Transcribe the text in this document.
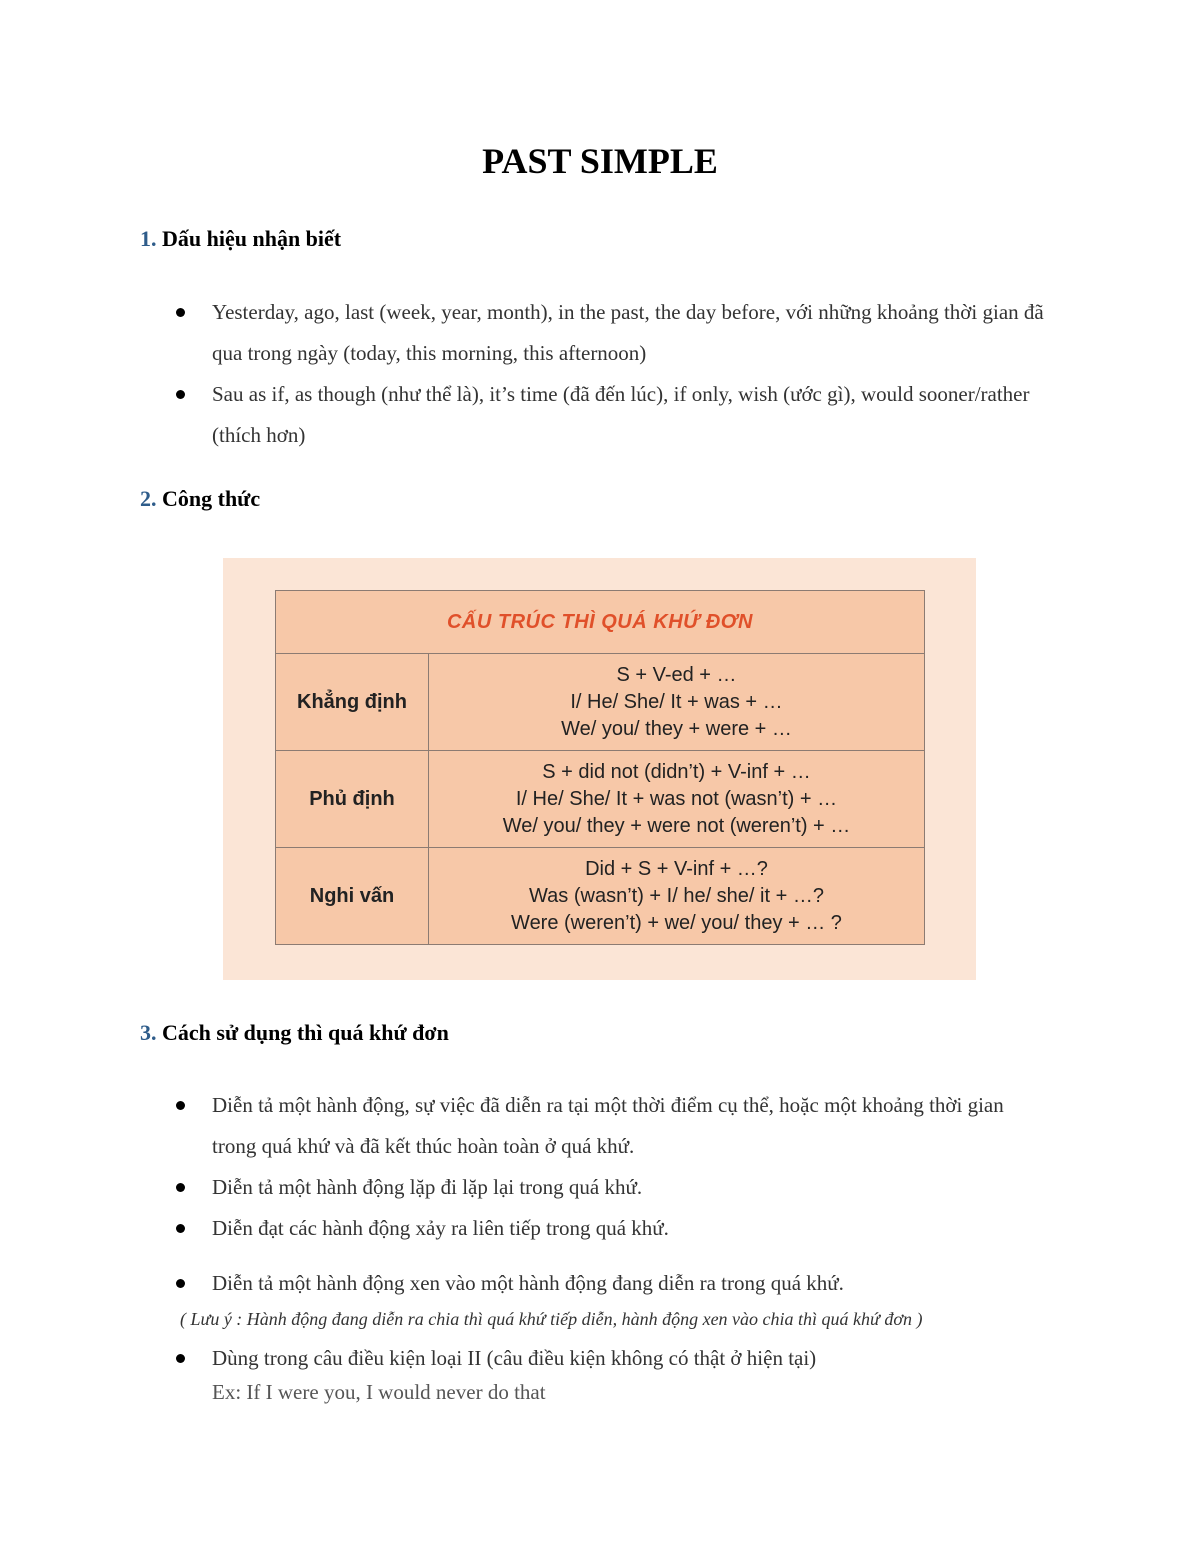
PAST SIMPLE
1. Dấu hiệu nhận biết
Yesterday, ago, last (week, year, month), in the past, the day before, với những khoảng thời gian đã qua trong ngày (today, this morning, this afternoon)
Sau as if, as though (như thể là), it’s time (đã đến lúc), if only, wish (ước gì), would sooner/rather (thích hơn)
2. Công thức
CẤU TRÚC THÌ QUÁ KHỨ ĐƠN	
Khẳng định	S + V-ed + …
I/ He/ She/ It + was + …
We/ you/ they + were + …

Phủ định	S + did not (didn’t) + V-inf + …
I/ He/ She/ It + was not (wasn’t) + …
We/ you/ they + were not (weren’t) + …

Nghi vấn	Did + S + V-inf + …?
Was (wasn’t) + I/ he/ she/ it + …?
Were (weren’t) + we/ you/ they + … ?
3. Cách sử dụng thì quá khứ đơn
Diễn tả một hành động, sự việc đã diễn ra tại một thời điểm cụ thể, hoặc một khoảng thời gian trong quá khứ và đã kết thúc hoàn toàn ở quá khứ.
Diễn tả một hành động lặp đi lặp lại trong quá khứ.
Diễn đạt các hành động xảy ra liên tiếp trong quá khứ.
Diễn tả một hành động xen vào một hành động đang diễn ra trong quá khứ.
( Lưu ý : Hành động đang diễn ra chia thì quá khứ tiếp diễn, hành động xen vào chia thì quá khứ đơn )
Dùng trong câu điều kiện loại II (câu điều kiện không có thật ở hiện tại)
Ex: If I were you, I would never do that
